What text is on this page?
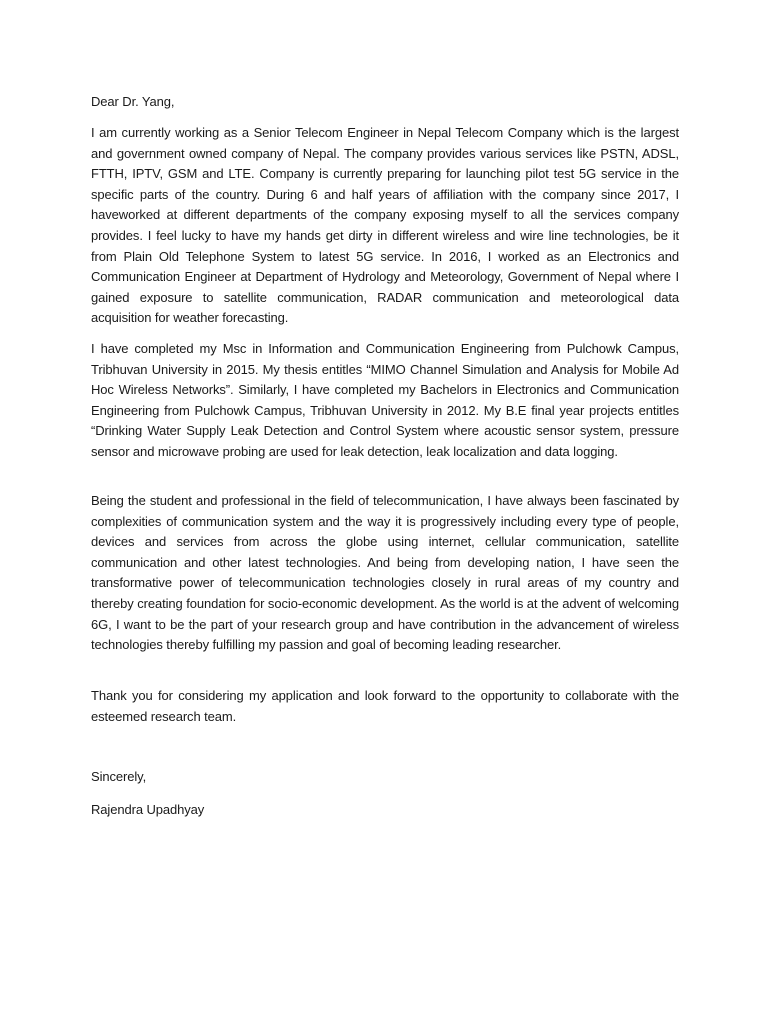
Dear Dr. Yang,

I am currently working as a Senior Telecom Engineer in Nepal Telecom Company which is the largest and government owned company of Nepal. The company provides various services like PSTN, ADSL, FTTH, IPTV, GSM and LTE. Company is currently preparing for launching pilot test 5G service in the specific parts of the country. During 6 and half years of affiliation with the company since 2017, I haveworked at different departments of the company exposing myself to all the services company provides. I feel lucky to have my hands get dirty in different wireless and wire line technologies, be it from Plain Old Telephone System to latest 5G service. In 2016, I worked as an Electronics and Communication Engineer at Department of Hydrology and Meteorology, Government of Nepal where I gained exposure to satellite communication, RADAR communication and meteorological data acquisition for weather forecasting.

I have completed my Msc in Information and Communication Engineering from Pulchowk Campus, Tribhuvan University in 2015. My thesis entitles “MIMO Channel Simulation and Analysis for Mobile Ad Hoc Wireless Networks”. Similarly, I have completed my Bachelors in Electronics and Communication Engineering from Pulchowk Campus, Tribhuvan University in 2012. My B.E final year projects entitles “Drinking Water Supply Leak Detection and Control System where acoustic sensor system, pressure sensor and microwave probing are used for leak detection, leak localization and data logging.

Being the student and professional in the field of telecommunication, I have always been fascinated by complexities of communication system and the way it is progressively including every type of people, devices and services from across the globe using internet, cellular communication, satellite communication and other latest technologies. And being from developing nation, I have seen the transformative power of telecommunication technologies closely in rural areas of my country and thereby creating foundation for socio-economic development. As the world is at the advent of welcoming 6G, I want to be the part of your research group and have contribution in the advancement of wireless technologies thereby fulfilling my passion and goal of becoming leading researcher.

Thank you for considering my application and look forward to the opportunity to collaborate with the esteemed research team.

Sincerely,

Rajendra Upadhyay
